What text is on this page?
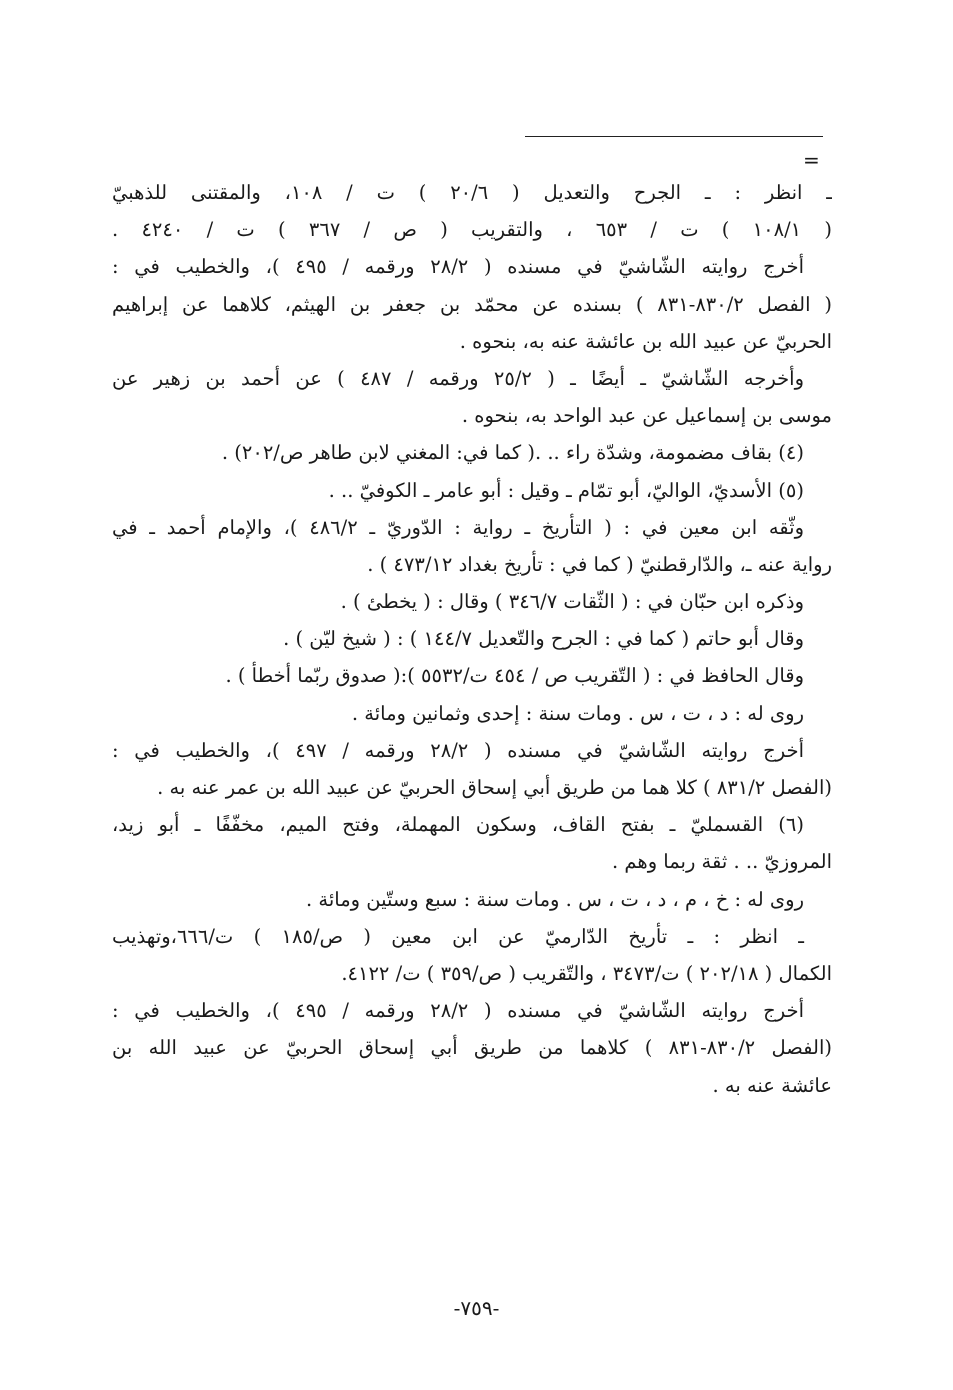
=
ـ انظر : ـ الجرح والتعديل ( ٢٠/٦ ) ت / ١٠٨، والمقتنى للذهبيّ
( ١٠٨/١ ) ت / ٦٥٣ ، والتقريب ( ص / ٣٦٧ ) ت / ٤٢٤٠ .
أخرج روايته الشّاشيّ في مسنده ( ٢٨/٢ ورقمه / ٤٩٥ )، والخطيب في :
( الفصل ٨٣٠/٢-٨٣١ ) بسنده عن محمّد بن جعفر بن الهيثم، كلاهما عن إبراهيم
الحربيّ عن عبيد الله بن عائشة عنه به، بنحوه .
وأخرجه الشّاشيّ ـ أيضًا ـ ( ٢٥/٢ ورقمه / ٤٨٧ ) عن أحمد بن زهير عن
موسى بن إسماعيل عن عبد الواحد به، بنحوه .
(٤) بقاف مضمومة، وشدّة راء .. .( كما في: المغني لابن طاهر ص/٢٠٢) .
(٥) الأسديّ، الواليّ، أبو تمّام ـ وقيل : أبو عامر ـ الكوفيّ .. .
وثّقه ابن معين في : ( التأريخ ـ رواية : الدّوريّ ـ ٤٨٦/٢ )، والإمام أحمد ـ في
رواية عنه ـ، والدّارقطنيّ ( كما في : تأريخ بغداد ٤٧٣/١٢ ) .
وذكره ابن حبّان في : ( الثّقات ٣٤٦/٧ ) وقال : ( يخطئ ) .
وقال أبو حاتم ( كما في : الجرح والتّعديل ١٤٤/٧ ) : ( شيخ ليّن ) .
وقال الحافظ في : ( التّقريب ص / ٤٥٤ ت/٥٥٣٢ ):( صدوق ربّما أخطأ ) .
روى له : د ، ت ، س . ومات سنة : إحدى وثمانين ومائة .
أخرج روايته الشّاشيّ في مسنده ( ٢٨/٢ ورقمه / ٤٩٧ )، والخطيب في :
(الفصل ٨٣١/٢ ) كلا هما من طريق أبي إسحاق الحربيّ عن عبيد الله بن عمر عنه به .
(٦) القسمليّ ـ بفتح القاف، وسكون المهملة، وفتح الميم، مخفّفًا ـ أبو زيد،
المروزيّ .. . ثقة ربما وهم .
روى له : خ ، م ، د ، ت ، س . ومات سنة : سبع وستّين ومائة .
ـ انظر : ـ تأريخ الدّارميّ عن ابن معين ( ص/١٨٥ ) ت/٦٦٦،وتهذيب
الكمال ( ٢٠٢/١٨ ) ت/٣٤٧٣ ، والتّقريب ( ص/٣٥٩ ) ت/ ٤١٢٢.
أخرج روايته الشّاشيّ في مسنده ( ٢٨/٢ ورقمه / ٤٩٥ )، والخطيب في :
(الفصل ٨٣٠/٢-٨٣١ ) كلاهما من طريق أبي إسحاق الحربيّ عن عبيد الله بن
عائشة عنه به .
-٧٥٩-
